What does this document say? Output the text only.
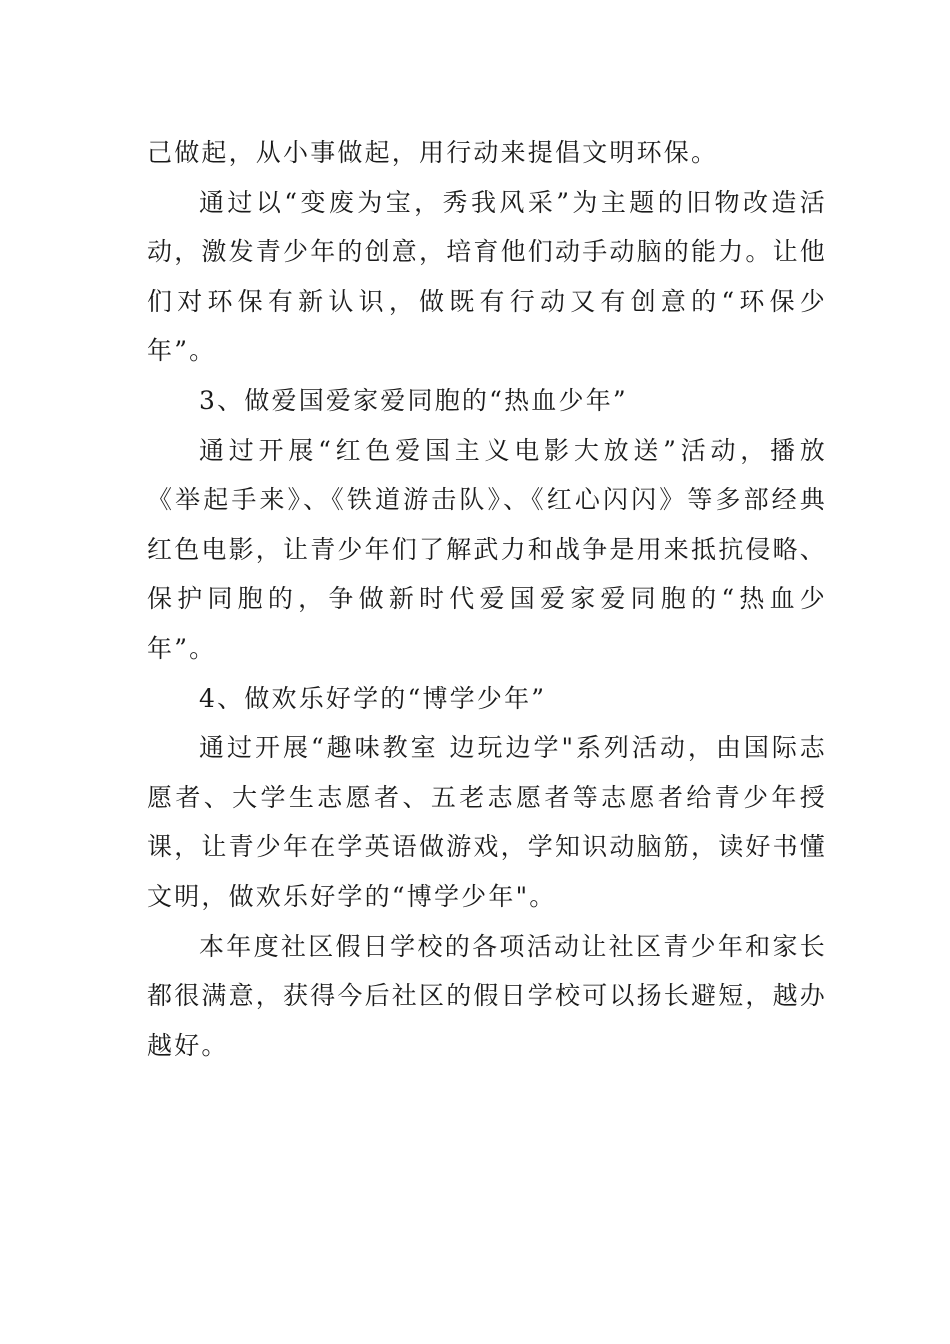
己做起，从小事做起，用行动来提倡文明环保。

通过以“变废为宝，秀我风采”为主题的旧物改造活动，激发青少年的创意，培育他们动手动脑的能力。让他们对环保有新认识，做既有行动又有创意的“环保少年”。

3、做爱国爱家爱同胞的“热血少年”

通过开展“红色爱国主义电影大放送”活动，播放《举起手来》、《铁道游击队》、《红心闪闪》等多部经典红色电影，让青少年们了解武力和战争是用来抵抗侵略、保护同胞的，争做新时代爱国爱家爱同胞的“热血少年”。

4、做欢乐好学的“博学少年”

通过开展“趣味教室 边玩边学"系列活动，由国际志愿者、大学生志愿者、五老志愿者等志愿者给青少年授课，让青少年在学英语做游戏，学知识动脑筋，读好书懂文明，做欢乐好学的“博学少年"。

本年度社区假日学校的各项活动让社区青少年和家长都很满意，获得今后社区的假日学校可以扬长避短，越办越好。
